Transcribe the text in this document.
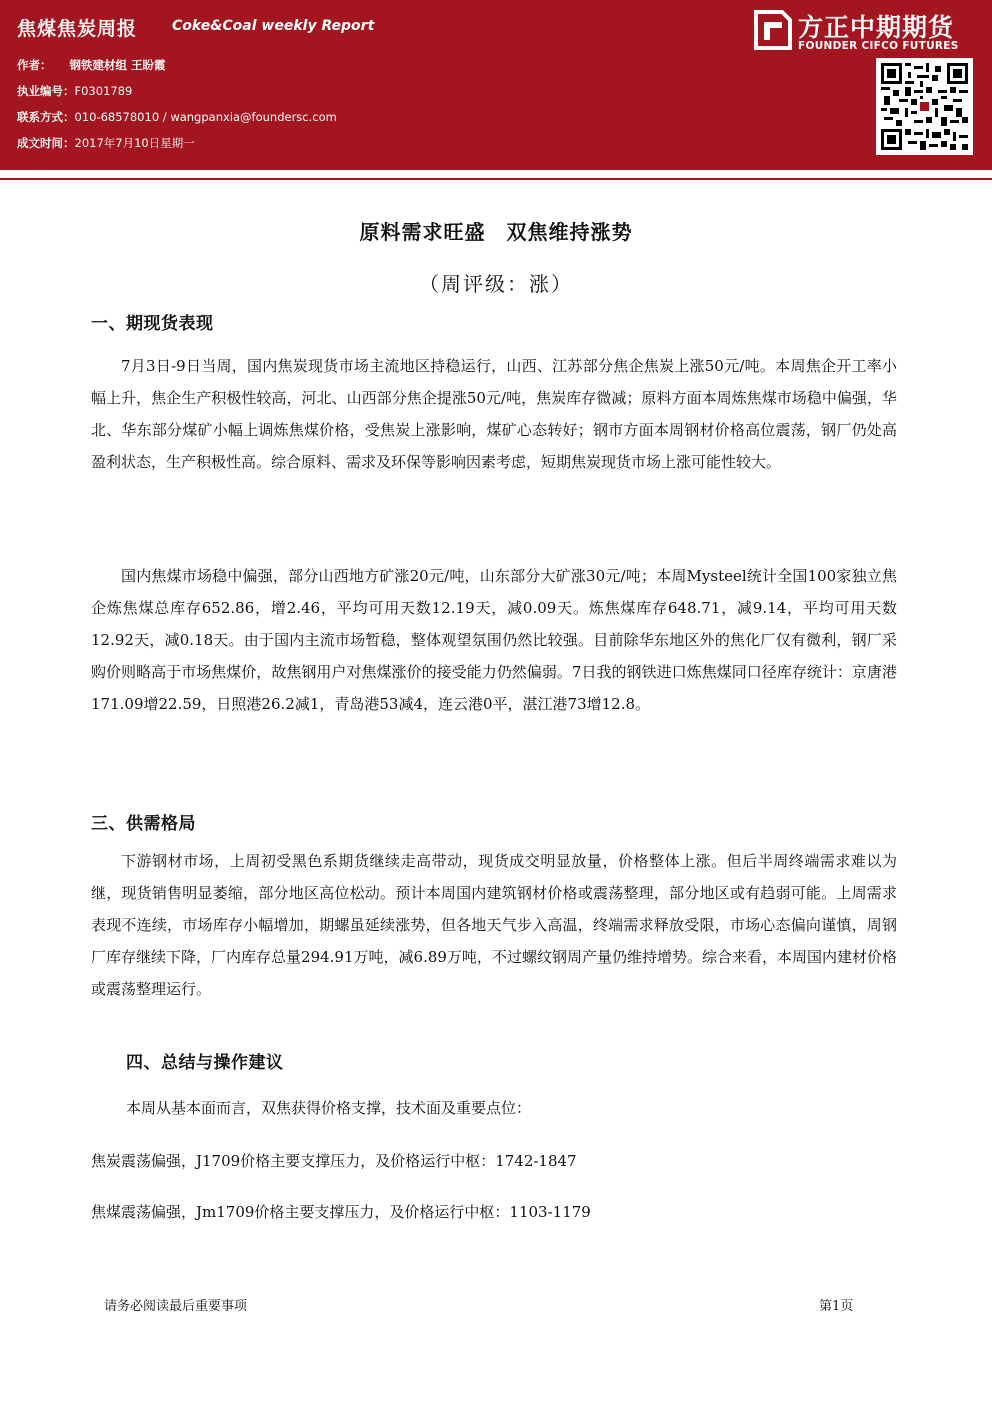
焦煤焦炭周报 Coke&Coal weekly Report
作者： 钢铁建材组 王盼霞
执业编号：F0301789
联系方式：010-68578010 / wangpanxia@foundersc.com
成文时间：2017年7月10日星期一
方正中期期货
FOUNDER CIFCO FUTURES
原料需求旺盛　双焦维持涨势
（周评级：涨）
一、期现货表现
7月3日-9日当周，国内焦炭现货市场主流地区持稳运行，山西、江苏部分焦企焦炭上涨50元/吨。本周焦企开工率小幅上升，焦企生产积极性较高，河北、山西部分焦企提涨50元/吨，焦炭库存微减；原料方面本周炼焦煤市场稳中偏强，华北、华东部分煤矿小幅上调炼焦煤价格，受焦炭上涨影响，煤矿心态转好；钢市方面本周钢材价格高位震荡，钢厂仍处高盈利状态，生产积极性高。综合原料、需求及环保等影响因素考虑，短期焦炭现货市场上涨可能性较大。
国内焦煤市场稳中偏强，部分山西地方矿涨20元/吨，山东部分大矿涨30元/吨；本周Mysteel统计全国100家独立焦企炼焦煤总库存652.86，增2.46，平均可用天数12.19天，减0.09天。炼焦煤库存648.71，减9.14，平均可用天数12.92天，减0.18天。由于国内主流市场暂稳，整体观望氛围仍然比较强。目前除华东地区外的焦化厂仅有微利，钢厂采购价则略高于市场焦煤价，故焦钢用户对焦煤涨价的接受能力仍然偏弱。7日我的钢铁进口炼焦煤同口径库存统计：京唐港171.09增22.59，日照港26.2减1，青岛港53减4，连云港0平，湛江港73增12.8。
三、供需格局
下游钢材市场，上周初受黑色系期货继续走高带动，现货成交明显放量，价格整体上涨。但后半周终端需求难以为继，现货销售明显萎缩，部分地区高位松动。预计本周国内建筑钢材价格或震荡整理，部分地区或有趋弱可能。上周需求表现不连续，市场库存小幅增加，期螺虽延续涨势，但各地天气步入高温，终端需求释放受限，市场心态偏向谨慎，周钢厂库存继续下降，厂内库存总量294.91万吨，减6.89万吨，不过螺纹钢周产量仍维持增势。综合来看，本周国内建材价格或震荡整理运行。
四、总结与操作建议
本周从基本面而言，双焦获得价格支撑，技术面及重要点位：
焦炭震荡偏强，J1709价格主要支撑压力，及价格运行中枢：1742-1847
焦煤震荡偏强，Jm1709价格主要支撑压力，及价格运行中枢：1103-1179
请务必阅读最后重要事项	第1页
